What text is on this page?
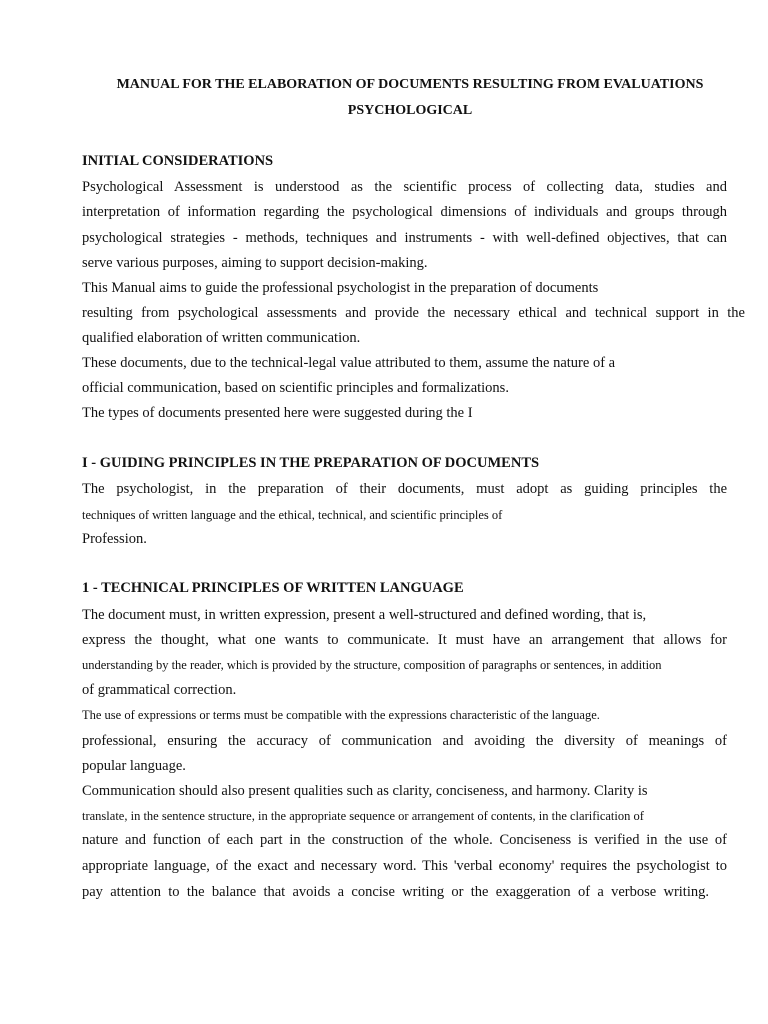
MANUAL FOR THE ELABORATION OF DOCUMENTS RESULTING FROM EVALUATIONS
PSYCHOLOGICAL
INITIAL CONSIDERATIONS
Psychological Assessment is understood as the scientific process of collecting data, studies and
interpretation of information regarding the psychological dimensions of individuals and groups through
psychological strategies - methods, techniques and instruments - with well-defined objectives, that can
serve various purposes, aiming to support decision-making.
This Manual aims to guide the professional psychologist in the preparation of documents
resulting from psychological assessments and provide the necessary ethical and technical support in the
qualified elaboration of written communication.
These documents, due to the technical-legal value attributed to them, assume the nature of a
official communication, based on scientific principles and formalizations.
The types of documents presented here were suggested during the I
I - GUIDING PRINCIPLES IN THE PREPARATION OF DOCUMENTS
The psychologist, in the preparation of their documents, must adopt as guiding principles the
techniques of written language and the ethical, technical, and scientific principles of
Profession.
1 - TECHNICAL PRINCIPLES OF WRITTEN LANGUAGE
The document must, in written expression, present a well-structured and defined wording, that is,
express the thought, what one wants to communicate. It must have an arrangement that allows for
understanding by the reader, which is provided by the structure, composition of paragraphs or sentences, in addition
of grammatical correction.
The use of expressions or terms must be compatible with the expressions characteristic of the language.
professional, ensuring the accuracy of communication and avoiding the diversity of meanings of
popular language.
Communication should also present qualities such as clarity, conciseness, and harmony. Clarity is
translate, in the sentence structure, in the appropriate sequence or arrangement of contents, in the clarification of
nature and function of each part in the construction of the whole. Conciseness is verified in the use of
appropriate language, of the exact and necessary word. This 'verbal economy' requires the psychologist to
pay attention to the balance that avoids a concise writing or the exaggeration of a verbose writing.
